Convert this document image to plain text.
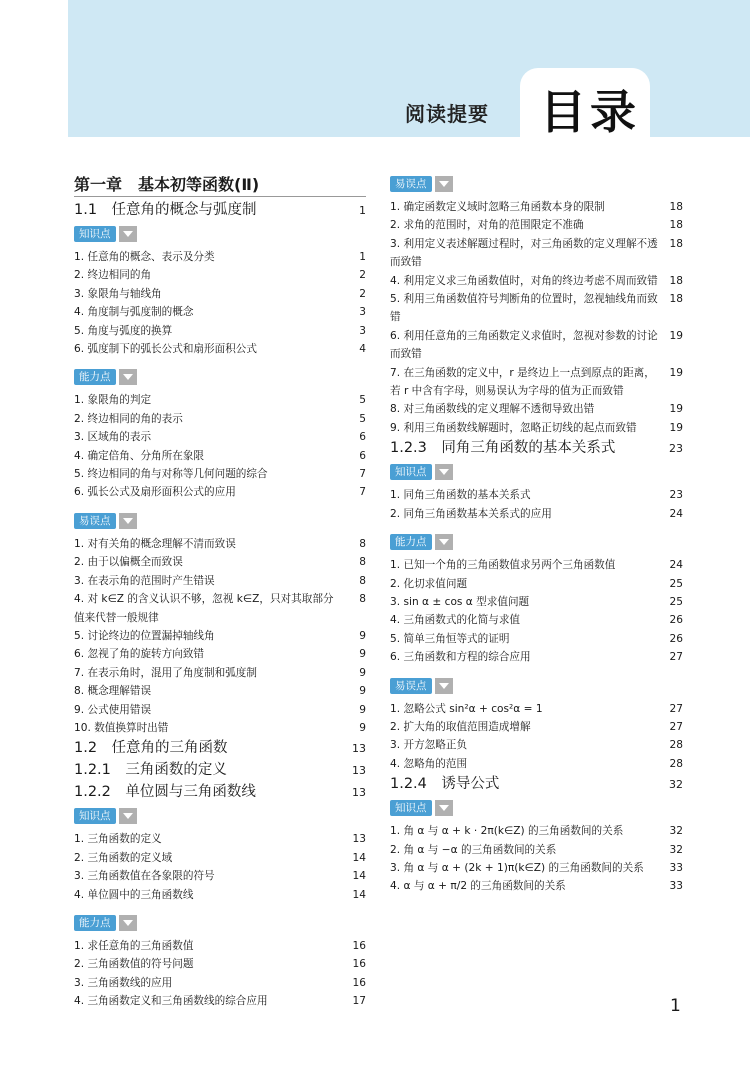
阅读提要 目录
第一章　基本初等函数(Ⅱ)
1.1　任意角的概念与弧度制	1
知识点
1. 任意角的概念、表示及分类	1
2. 终边相同的角	2
3. 象限角与轴线角	2
4. 角度制与弧度制的概念	3
5. 角度与弧度的换算	3
6. 弧度制下的弧长公式和扇形面积公式	4
能力点
1. 象限角的判定	5
2. 终边相同的角的表示	5
3. 区域角的表示	6
4. 确定倍角、分角所在象限	6
5. 终边相同的角与对称等几何问题的综合	7
6. 弧长公式及扇形面积公式的应用	7
易误点
1. 对有关角的概念理解不清而致误	8
2. 由于以偏概全而致误	8
3. 在表示角的范围时产生错误	8
4. 对 k∈Z 的含义认识不够，忽视 k∈Z，只对其取部分值来代替一般规律
8
5. 讨论终边的位置漏掉轴线角	9
6. 忽视了角的旋转方向致错	9
7. 在表示角时，混用了角度制和弧度制	9
8. 概念理解错误	9
9. 公式使用错误	9
10. 数值换算时出错	9
1.2　任意角的三角函数	13
1.2.1　三角函数的定义	13
1.2.2　单位圆与三角函数线	13
知识点
1. 三角函数的定义	13
2. 三角函数的定义域	14
3. 三角函数值在各象限的符号	14
4. 单位圆中的三角函数线	14
能力点
1. 求任意角的三角函数值	16
2. 三角函数值的符号问题	16
3. 三角函数线的应用	16
4. 三角函数定义和三角函数线的综合应用	17
易误点
1. 确定函数定义域时忽略三角函数本身的限制	18
2. 求角的范围时，对角的范围限定不准确	18
3. 利用定义表述解题过程时，对三角函数的定义理解不透而致错
18
4. 利用定义求三角函数值时，对角的终边考虑不周而致错	18
5. 利用三角函数值符号判断角的位置时，忽视轴线角而致错
18
6. 利用任意角的三角函数定义求值时，忽视对参数的讨论而致错
19
7. 在三角函数的定义中，r 是终边上一点到原点的距离，若 r 中含有字母，则易误认为字母的值为正而致错
19
8. 对三角函数线的定义理解不透彻导致出错	19
9. 利用三角函数线解题时，忽略正切线的起点而致错	19
1.2.3　同角三角函数的基本关系式	23
知识点
1. 同角三角函数的基本关系式	23
2. 同角三角函数基本关系式的应用	24
能力点
1. 已知一个角的三角函数值求另两个三角函数值	24
2. 化切求值问题	25
3. sin α ± cos α 型求值问题	25
4. 三角函数式的化简与求值	26
5. 简单三角恒等式的证明	26
6. 三角函数和方程的综合应用	27
易误点
1. 忽略公式 sin²α + cos²α = 1	27
2. 扩大角的取值范围造成增解	27
3. 开方忽略正负	28
4. 忽略角的范围	28
1.2.4　诱导公式	32
知识点
1. 角 α 与 α + k · 2π(k∈Z) 的三角函数间的关系	32
2. 角 α 与 −α 的三角函数间的关系	32
3. 角 α 与 α + (2k + 1)π(k∈Z) 的三角函数间的关系	33
4. α 与 α + π/2 的三角函数间的关系	33
1
